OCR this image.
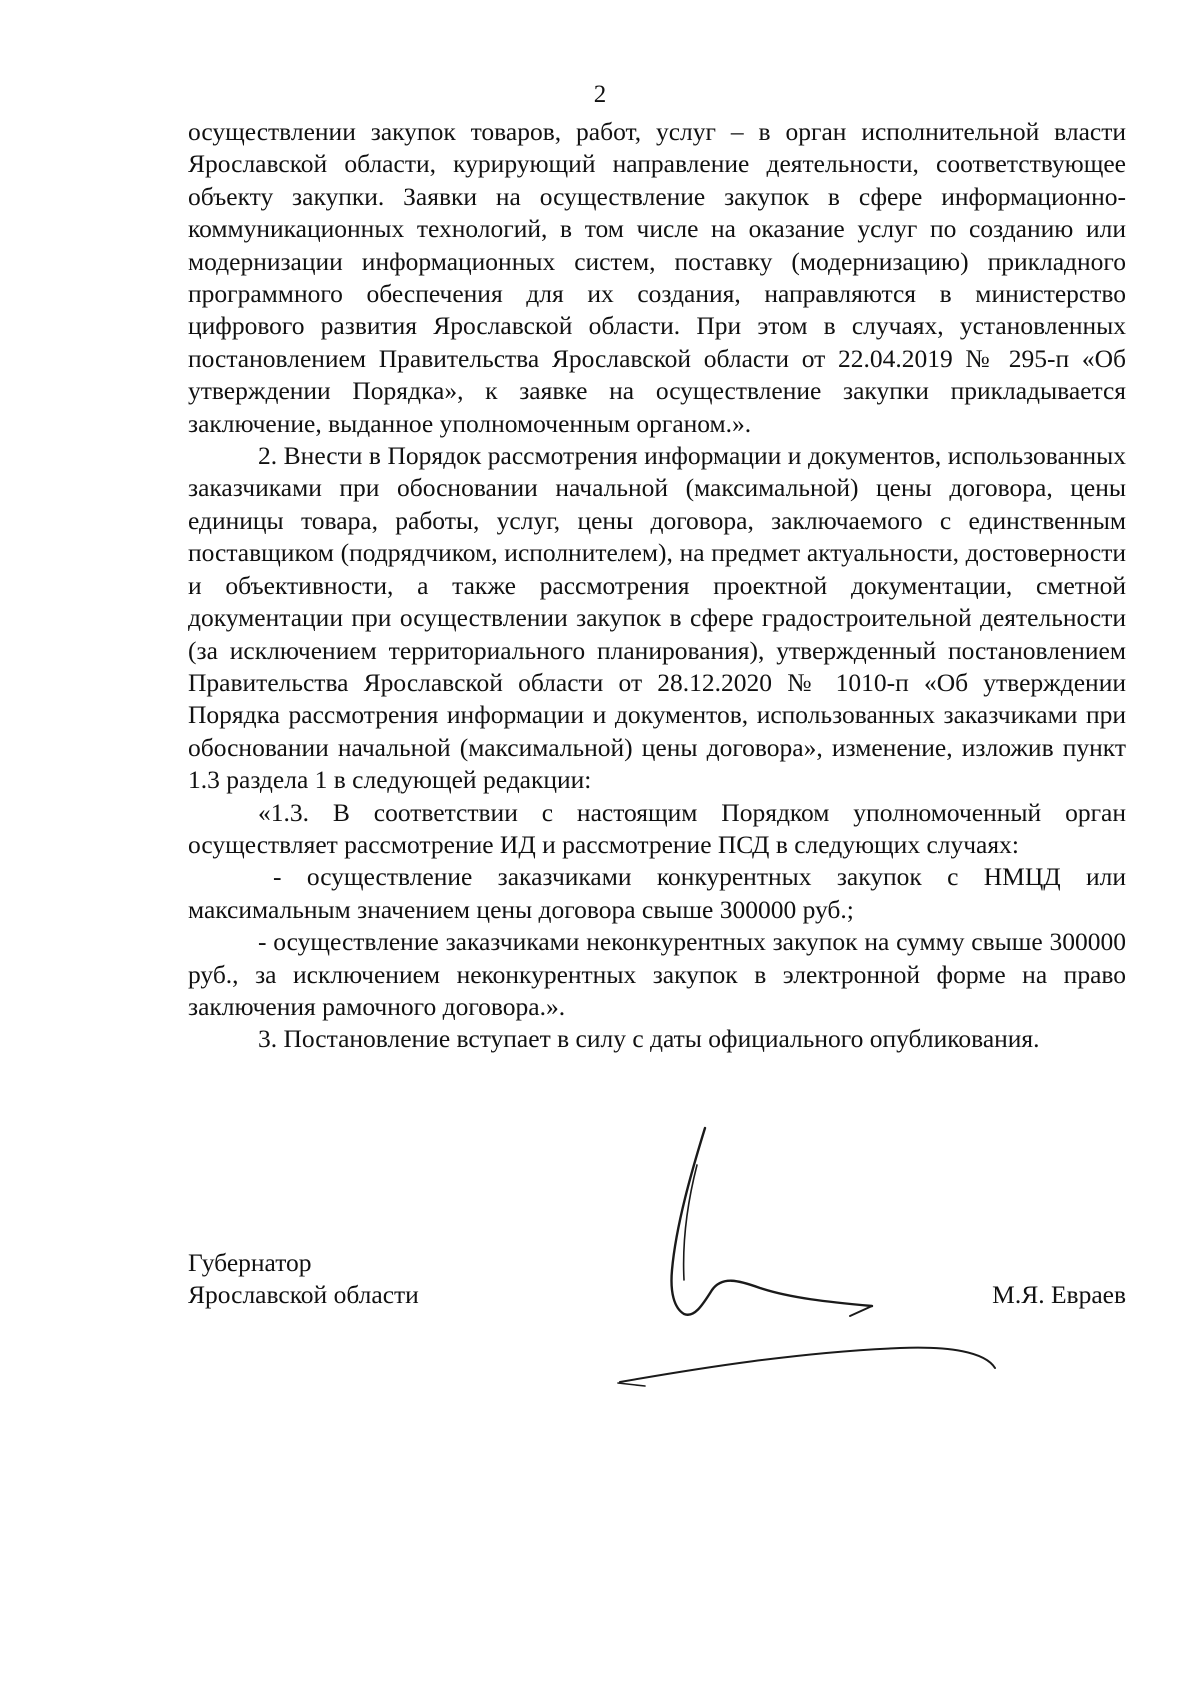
2

осуществлении закупок товаров, работ, услуг – в орган исполнительной власти Ярославской области, курирующий направление деятельности, соответствующее объекту закупки. Заявки на осуществление закупок в сфере информационно-коммуникационных технологий, в том числе на оказание услуг по созданию или модернизации информационных систем, поставку (модернизацию) прикладного программного обеспечения для их создания, направляются в министерство цифрового развития Ярославской области. При этом в случаях, установленных постановлением Правительства Ярославской области от 22.04.2019 № 295-п «Об утверждении Порядка», к заявке на осуществление закупки прикладывается заключение, выданное уполномоченным органом.».

2. Внести в Порядок рассмотрения информации и документов, использованных заказчиками при обосновании начальной (максимальной) цены договора, цены единицы товара, работы, услуг, цены договора, заключаемого с единственным поставщиком (подрядчиком, исполнителем), на предмет актуальности, достоверности и объективности, а также рассмотрения проектной документации, сметной документации при осуществлении закупок в сфере градостроительной деятельности (за исключением территориального планирования), утвержденный постановлением Правительства Ярославской области от 28.12.2020 № 1010-п «Об утверждении Порядка рассмотрения информации и документов, использованных заказчиками при обосновании начальной (максимальной) цены договора», изменение, изложив пункт 1.3 раздела 1 в следующей редакции:

«1.3. В соответствии с настоящим Порядком уполномоченный орган осуществляет рассмотрение ИД и рассмотрение ПСД в следующих случаях:

- осуществление заказчиками конкурентных закупок с НМЦД или максимальным значением цены договора свыше 300000 руб.;

- осуществление заказчиками неконкурентных закупок на сумму свыше 300000 руб., за исключением неконкурентных закупок в электронной форме на право заключения рамочного договора.».

3. Постановление вступает в силу с даты официального опубликования.

Губернатор
Ярославской области	М.Я. Евраев
